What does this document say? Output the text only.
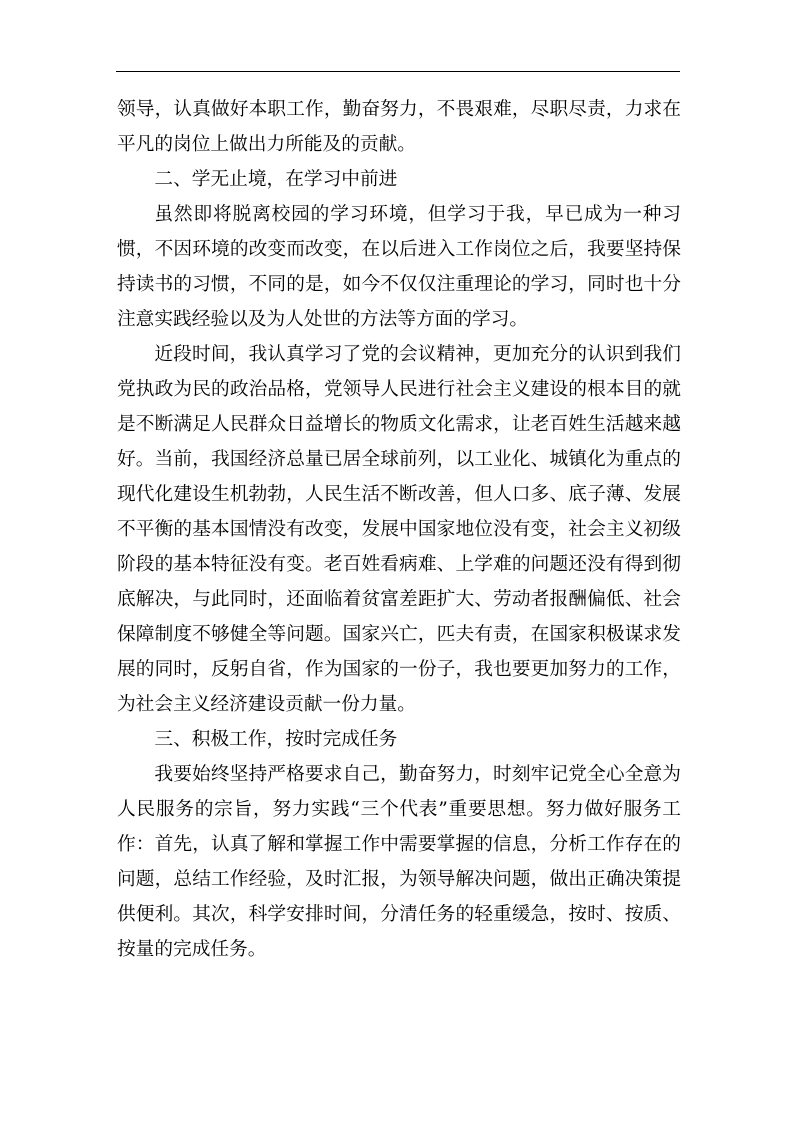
领导，认真做好本职工作，勤奋努力，不畏艰难，尽职尽责，力求在平凡的岗位上做出力所能及的贡献。

二、学无止境，在学习中前进

虽然即将脱离校园的学习环境，但学习于我，早已成为一种习惯，不因环境的改变而改变，在以后进入工作岗位之后，我要坚持保持读书的习惯，不同的是，如今不仅仅注重理论的学习，同时也十分注意实践经验以及为人处世的方法等方面的学习。

近段时间，我认真学习了党的会议精神，更加充分的认识到我们党执政为民的政治品格，党领导人民进行社会主义建设的根本目的就是不断满足人民群众日益增长的物质文化需求，让老百姓生活越来越好。当前，我国经济总量已居全球前列，以工业化、城镇化为重点的现代化建设生机勃勃，人民生活不断改善，但人口多、底子薄、发展不平衡的基本国情没有改变，发展中国家地位没有变，社会主义初级阶段的基本特征没有变。老百姓看病难、上学难的问题还没有得到彻底解决，与此同时，还面临着贫富差距扩大、劳动者报酬偏低、社会保障制度不够健全等问题。国家兴亡，匹夫有责，在国家积极谋求发展的同时，反躬自省，作为国家的一份子，我也要更加努力的工作，为社会主义经济建设贡献一份力量。

三、积极工作，按时完成任务

我要始终坚持严格要求自己，勤奋努力，时刻牢记党全心全意为人民服务的宗旨，努力实践“三个代表”重要思想。努力做好服务工作：首先，认真了解和掌握工作中需要掌握的信息，分析工作存在的问题，总结工作经验，及时汇报，为领导解决问题，做出正确决策提供便利。其次，科学安排时间，分清任务的轻重缓急，按时、按质、按量的完成任务。
